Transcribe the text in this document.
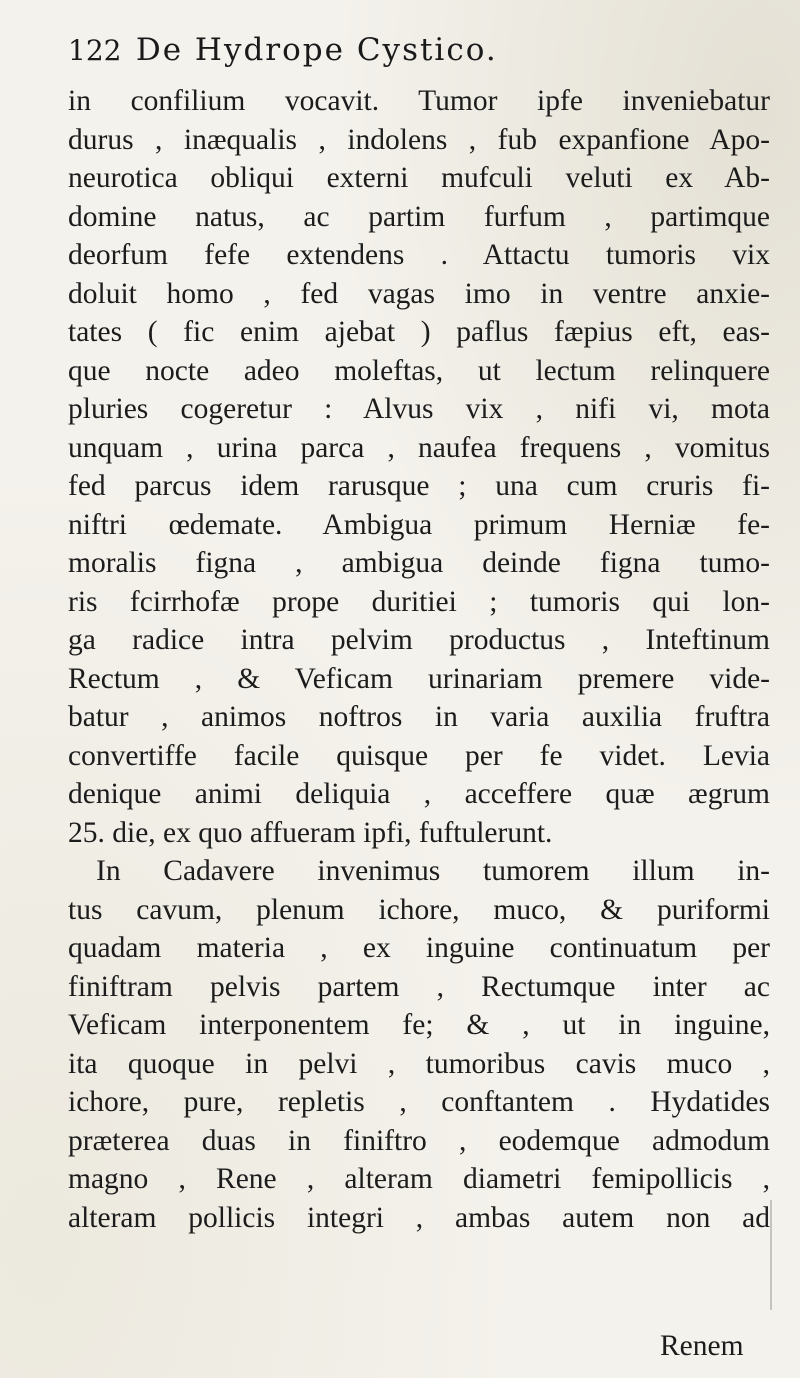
122 De Hydrope Cystico.
in confilium vocavit. Tumor ipfe inveniebatur
durus , inæqualis , indolens , fub expanfione Apo-
neurotica obliqui externi mufculi veluti ex Ab-
domine natus, ac partim furfum , partimque
deorfum fefe extendens . Attactu tumoris vix
doluit homo , fed vagas imo in ventre anxie-
tates ( fic enim ajebat ) paflus fæpius eft, eas-
que nocte adeo moleftas, ut lectum relinquere
pluries cogeretur : Alvus vix , nifi vi, mota
unquam , urina parca , naufea frequens , vomitus
fed parcus idem rarusque ; una cum cruris fi-
niftri œdemate. Ambigua primum Herniæ fe-
moralis figna , ambigua deinde figna tumo-
ris fcirrhofæ prope duritiei ; tumoris qui lon-
ga radice intra pelvim productus , Inteftinum
Rectum , & Veficam urinariam premere vide-
batur , animos noftros in varia auxilia fruftra
convertiffe facile quisque per fe videt. Levia
denique animi deliquia , acceffere quæ ægrum
25. die, ex quo affueram ipfi, fuftulerunt.
In Cadavere invenimus tumorem illum in-
tus cavum, plenum ichore, muco, & puriformi
quadam materia , ex inguine continuatum per
finiftram pelvis partem , Rectumque inter ac
Veficam interponentem fe; & , ut in inguine,
ita quoque in pelvi , tumoribus cavis muco ,
ichore, pure, repletis , conftantem . Hydatides
præterea duas in finiftro , eodemque admodum
magno , Rene , alteram diametri femipollicis ,
alteram pollicis integri , ambas autem non ad
Renem
